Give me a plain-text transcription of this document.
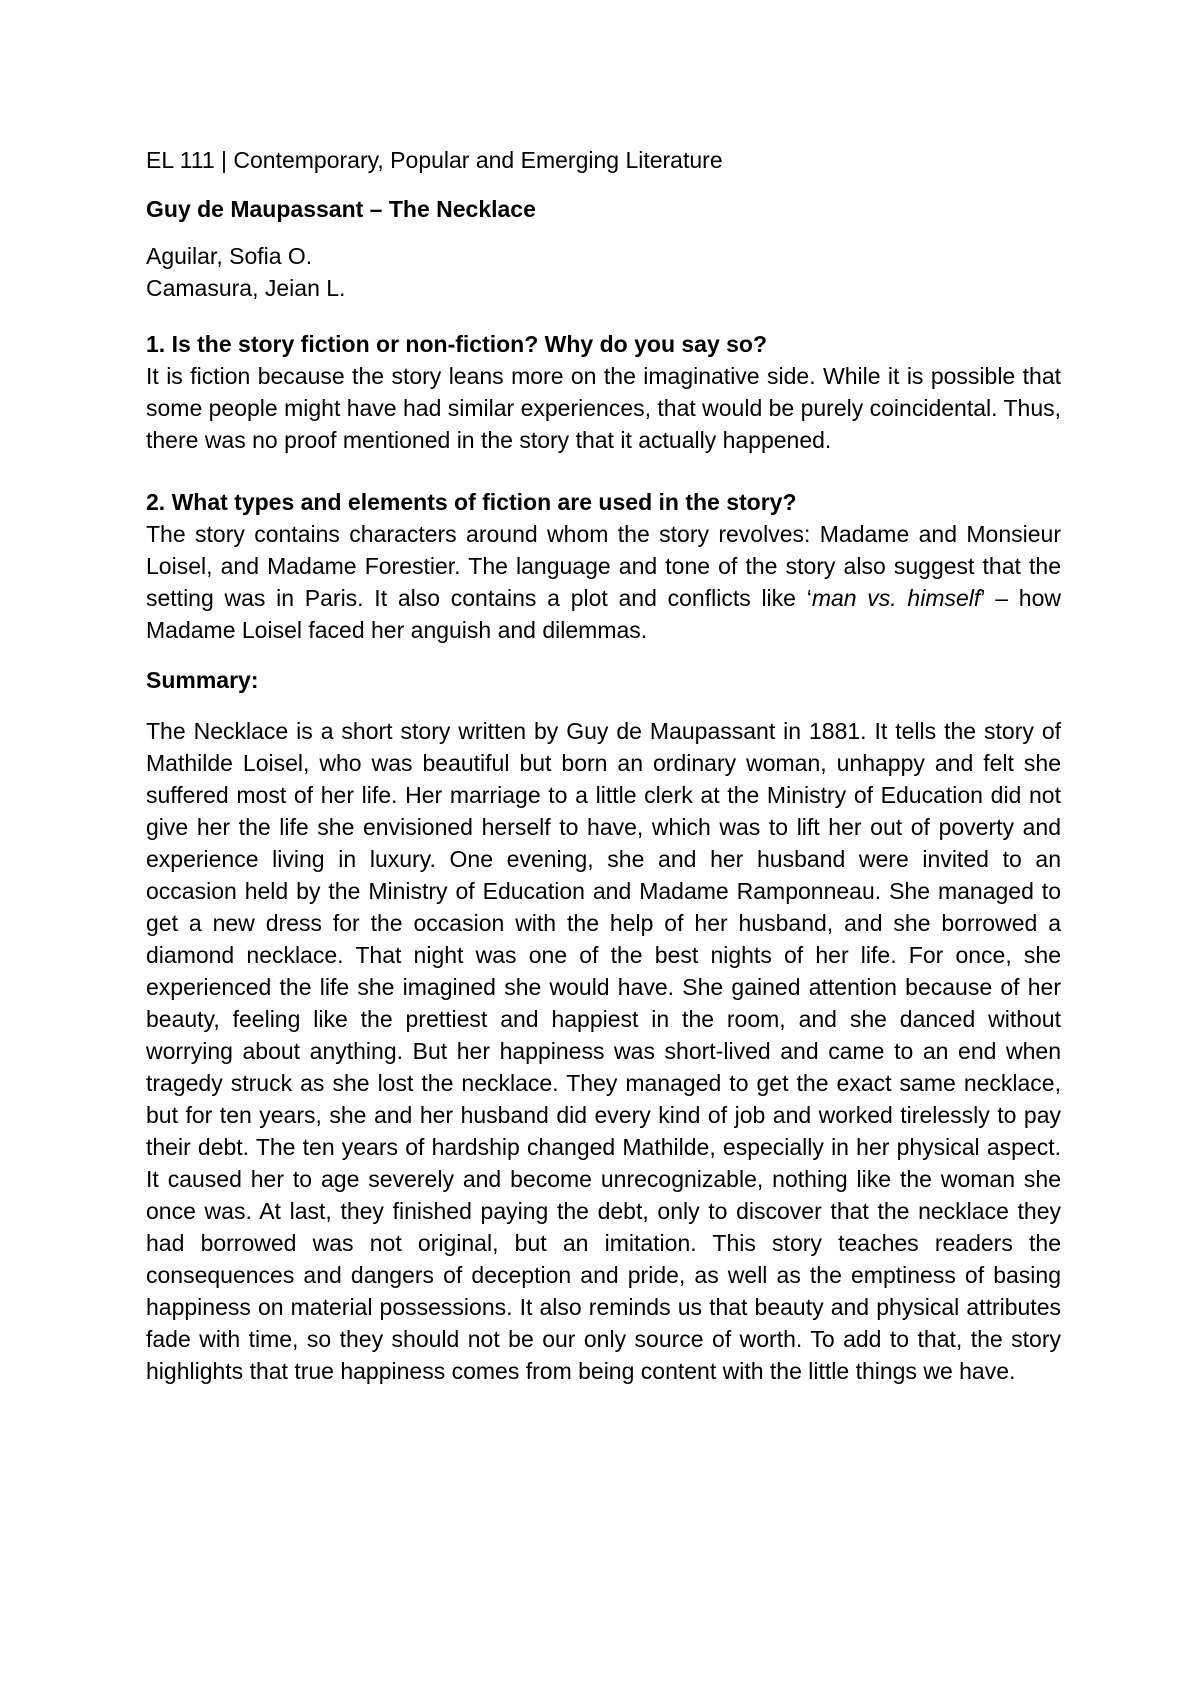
EL 111 | Contemporary, Popular and Emerging Literature

Guy de Maupassant – The Necklace

Aguilar, Sofia O.
Camasura, Jeian L.

1. Is the story fiction or non-fiction? Why do you say so?

It is fiction because the story leans more on the imaginative side. While it is possible that some people might have had similar experiences, that would be purely coincidental. Thus, there was no proof mentioned in the story that it actually happened.

2. What types and elements of fiction are used in the story?

The story contains characters around whom the story revolves: Madame and Monsieur Loisel, and Madame Forestier. The language and tone of the story also suggest that the setting was in Paris. It also contains a plot and conflicts like ‘man vs. himself’ – how Madame Loisel faced her anguish and dilemmas.

Summary:

The Necklace is a short story written by Guy de Maupassant in 1881. It tells the story of Mathilde Loisel, who was beautiful but born an ordinary woman, unhappy and felt she suffered most of her life. Her marriage to a little clerk at the Ministry of Education did not give her the life she envisioned herself to have, which was to lift her out of poverty and experience living in luxury. One evening, she and her husband were invited to an occasion held by the Ministry of Education and Madame Ramponneau. She managed to get a new dress for the occasion with the help of her husband, and she borrowed a diamond necklace. That night was one of the best nights of her life. For once, she experienced the life she imagined she would have. She gained attention because of her beauty, feeling like the prettiest and happiest in the room, and she danced without worrying about anything. But her happiness was short-lived and came to an end when tragedy struck as she lost the necklace. They managed to get the exact same necklace, but for ten years, she and her husband did every kind of job and worked tirelessly to pay their debt. The ten years of hardship changed Mathilde, especially in her physical aspect. It caused her to age severely and become unrecognizable, nothing like the woman she once was. At last, they finished paying the debt, only to discover that the necklace they had borrowed was not original, but an imitation. This story teaches readers the consequences and dangers of deception and pride, as well as the emptiness of basing happiness on material possessions. It also reminds us that beauty and physical attributes fade with time, so they should not be our only source of worth. To add to that, the story highlights that true happiness comes from being content with the little things we have.
